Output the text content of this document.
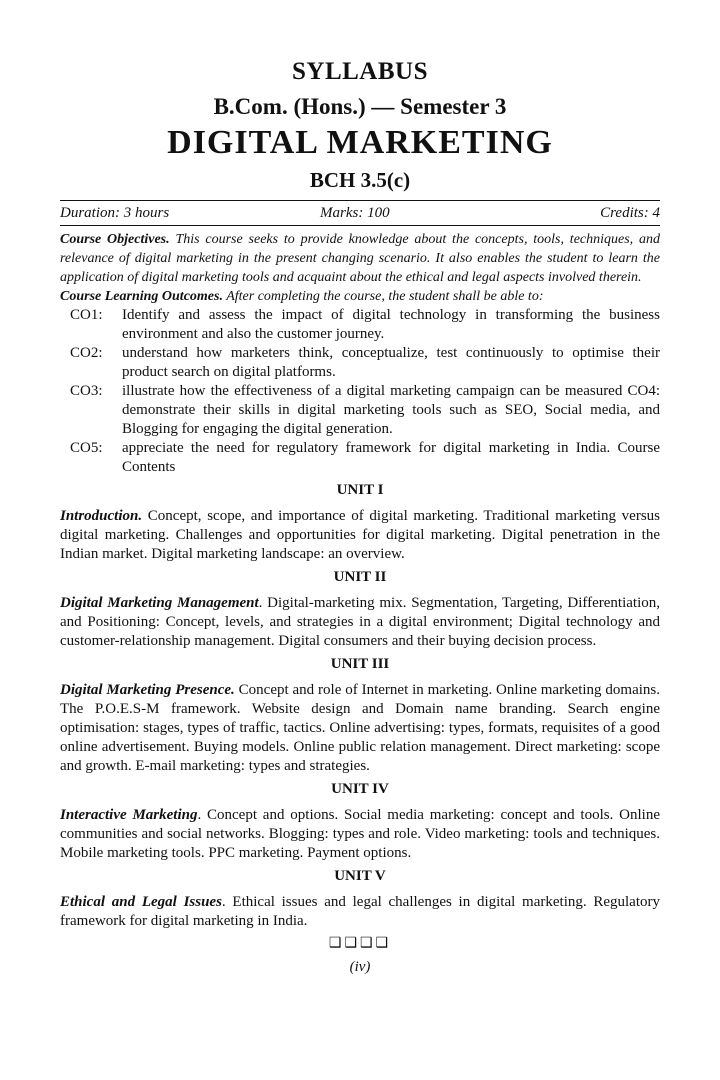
SYLLABUS
B.Com. (Hons.) — Semester 3
DIGITAL MARKETING
BCH 3.5(c)
Duration: 3 hours	Marks: 100	Credits: 4

Course Objectives. This course seeks to provide knowledge about the concepts, tools, techniques, and relevance of digital marketing in the present changing scenario. It also enables the student to learn the application of digital marketing tools and acquaint about the ethical and legal aspects involved therein.

Course Learning Outcomes. After completing the course, the student shall be able to:

CO1:	Identify and assess the impact of digital technology in transforming the business environment and also the customer journey.
CO2:	understand how marketers think, conceptualize, test continuously to optimise their product search on digital platforms.
CO3:	illustrate how the effectiveness of a digital marketing campaign can be measured CO4: demonstrate their skills in digital marketing tools such as SEO, Social media, and Blogging for engaging the digital generation.
CO5:	appreciate the need for regulatory framework for digital marketing in India. Course Contents
UNIT I

Introduction. Concept, scope, and importance of digital marketing. Traditional marketing versus digital marketing. Challenges and opportunities for digital marketing. Digital penetration in the Indian market. Digital marketing landscape: an overview.

UNIT II

Digital Marketing Management. Digital-marketing mix. Segmentation, Targeting, Differentiation, and Positioning: Concept, levels, and strategies in a digital environment; Digital technology and customer-relationship management. Digital consumers and their buying decision process.

UNIT III

Digital Marketing Presence. Concept and role of Internet in marketing. Online marketing domains. The P.O.E.S-M framework. Website design and Domain name branding. Search engine optimisation: stages, types of traffic, tactics. Online advertising: types, formats, requisites of a good online advertisement. Buying models. Online public relation management. Direct marketing: scope and growth. E-mail marketing: types and strategies.

UNIT IV

Interactive Marketing. Concept and options. Social media marketing: concept and tools. Online communities and social networks. Blogging: types and role. Video marketing: tools and techniques. Mobile marketing tools. PPC marketing. Payment options.

UNIT V

Ethical and Legal Issues. Ethical issues and legal challenges in digital marketing. Regulatory framework for digital marketing in India.

❑❑❑❑
(iv)
